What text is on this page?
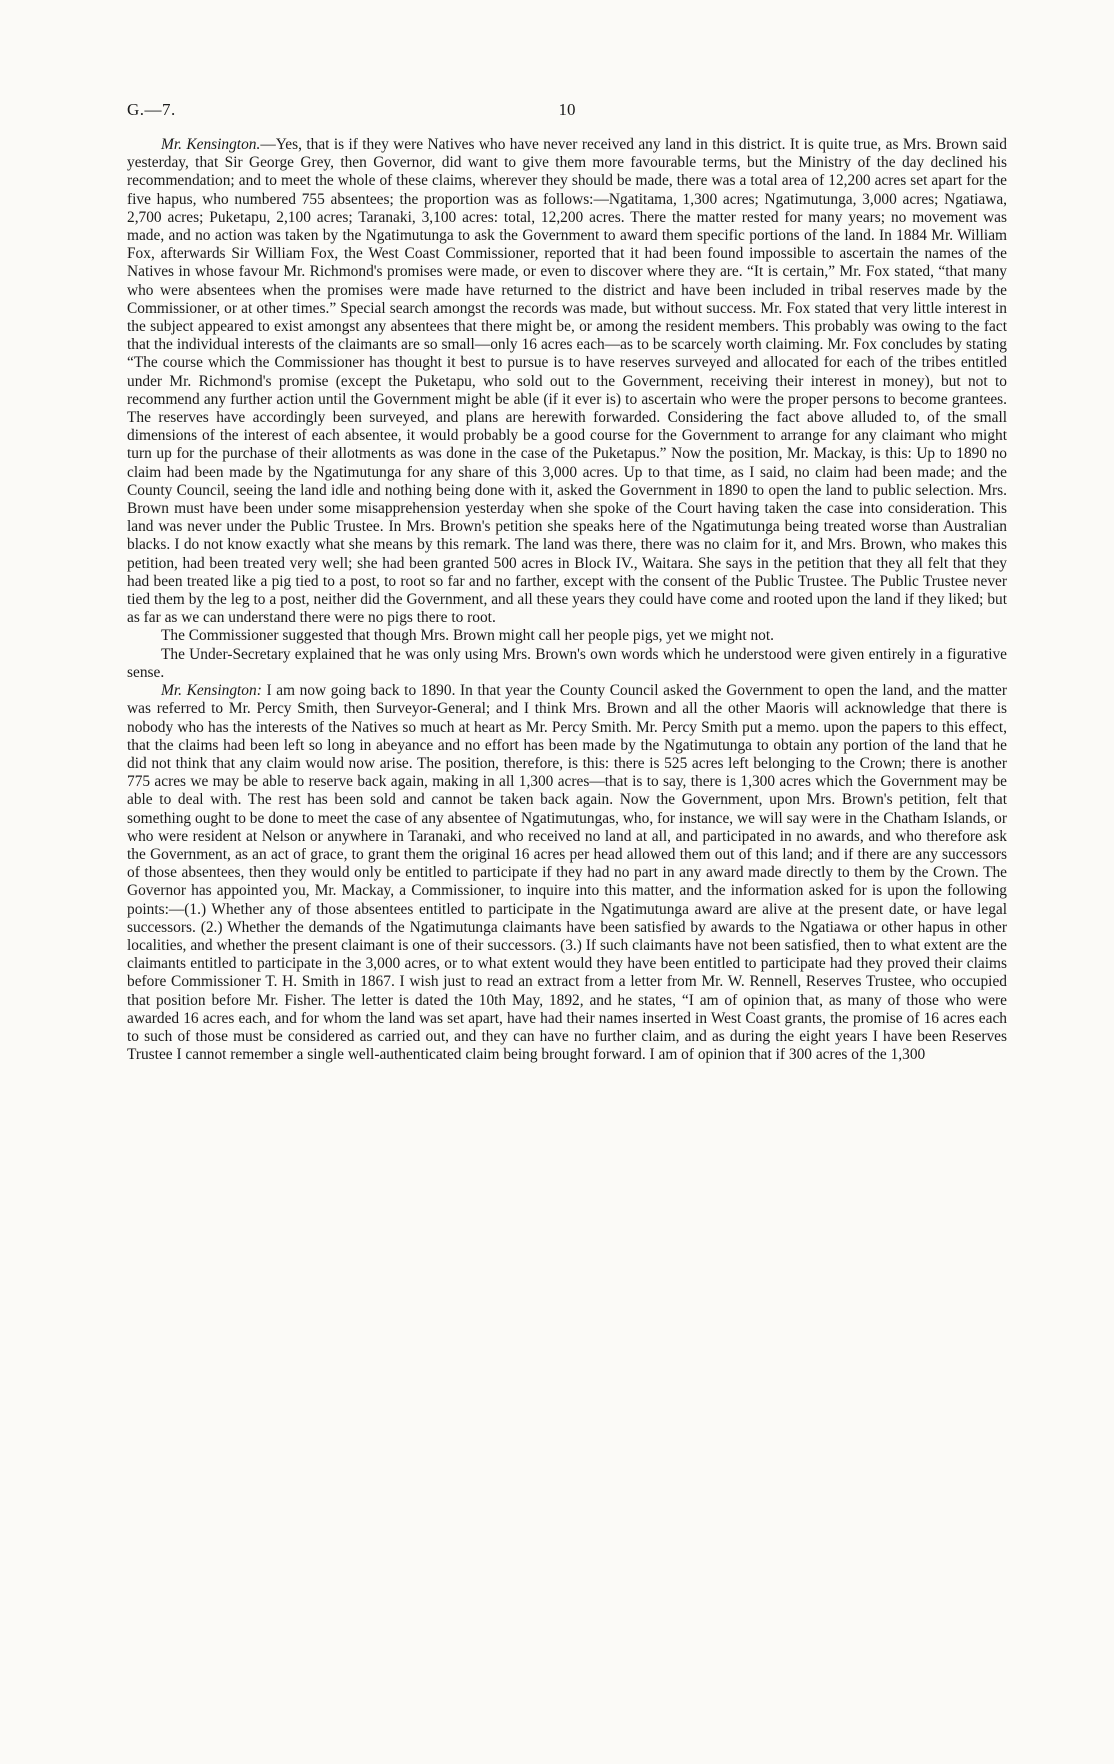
G.—7.	10

Mr. Kensington.—Yes, that is if they were Natives who have never received any land in this district. It is quite true, as Mrs. Brown said yesterday, that Sir George Grey, then Governor, did want to give them more favourable terms, but the Ministry of the day declined his recommendation; and to meet the whole of these claims, wherever they should be made, there was a total area of 12,200 acres set apart for the five hapus, who numbered 755 absentees; the proportion was as follows:—Ngatitama, 1,300 acres; Ngatimutunga, 3,000 acres; Ngatiawa, 2,700 acres; Puketapu, 2,100 acres; Taranaki, 3,100 acres: total, 12,200 acres. There the matter rested for many years; no movement was made, and no action was taken by the Ngatimutunga to ask the Government to award them specific portions of the land. In 1884 Mr. William Fox, afterwards Sir William Fox, the West Coast Commissioner, reported that it had been found impossible to ascertain the names of the Natives in whose favour Mr. Richmond's promises were made, or even to discover where they are. “It is certain,” Mr. Fox stated, “that many who were absentees when the promises were made have returned to the district and have been included in tribal reserves made by the Commissioner, or at other times.” Special search amongst the records was made, but without success. Mr. Fox stated that very little interest in the subject appeared to exist amongst any absentees that there might be, or among the resident members. This probably was owing to the fact that the individual interests of the claimants are so small—only 16 acres each—as to be scarcely worth claiming. Mr. Fox concludes by stating “The course which the Commissioner has thought it best to pursue is to have reserves surveyed and allocated for each of the tribes entitled under Mr. Richmond's promise (except the Puketapu, who sold out to the Government, receiving their interest in money), but not to recommend any further action until the Government might be able (if it ever is) to ascertain who were the proper persons to become grantees. The reserves have accordingly been surveyed, and plans are herewith forwarded. Considering the fact above alluded to, of the small dimensions of the interest of each absentee, it would probably be a good course for the Government to arrange for any claimant who might turn up for the purchase of their allotments as was done in the case of the Puketapus.” Now the position, Mr. Mackay, is this: Up to 1890 no claim had been made by the Ngatimutunga for any share of this 3,000 acres. Up to that time, as I said, no claim had been made; and the County Council, seeing the land idle and nothing being done with it, asked the Government in 1890 to open the land to public selection. Mrs. Brown must have been under some misapprehension yesterday when she spoke of the Court having taken the case into consideration. This land was never under the Public Trustee. In Mrs. Brown's petition she speaks here of the Ngatimutunga being treated worse than Australian blacks. I do not know exactly what she means by this remark. The land was there, there was no claim for it, and Mrs. Brown, who makes this petition, had been treated very well; she had been granted 500 acres in Block IV., Waitara. She says in the petition that they all felt that they had been treated like a pig tied to a post, to root so far and no farther, except with the consent of the Public Trustee. The Public Trustee never tied them by the leg to a post, neither did the Government, and all these years they could have come and rooted upon the land if they liked; but as far as we can understand there were no pigs there to root.

The Commissioner suggested that though Mrs. Brown might call her people pigs, yet we might not.

The Under-Secretary explained that he was only using Mrs. Brown's own words which he understood were given entirely in a figurative sense.

Mr. Kensington: I am now going back to 1890. In that year the County Council asked the Government to open the land, and the matter was referred to Mr. Percy Smith, then Surveyor-General; and I think Mrs. Brown and all the other Maoris will acknowledge that there is nobody who has the interests of the Natives so much at heart as Mr. Percy Smith. Mr. Percy Smith put a memo. upon the papers to this effect, that the claims had been left so long in abeyance and no effort has been made by the Ngatimutunga to obtain any portion of the land that he did not think that any claim would now arise. The position, therefore, is this: there is 525 acres left belonging to the Crown; there is another 775 acres we may be able to reserve back again, making in all 1,300 acres—that is to say, there is 1,300 acres which the Government may be able to deal with. The rest has been sold and cannot be taken back again. Now the Government, upon Mrs. Brown's petition, felt that something ought to be done to meet the case of any absentee of Ngatimutungas, who, for instance, we will say were in the Chatham Islands, or who were resident at Nelson or anywhere in Taranaki, and who received no land at all, and participated in no awards, and who therefore ask the Government, as an act of grace, to grant them the original 16 acres per head allowed them out of this land; and if there are any successors of those absentees, then they would only be entitled to participate if they had no part in any award made directly to them by the Crown. The Governor has appointed you, Mr. Mackay, a Commissioner, to inquire into this matter, and the information asked for is upon the following points:—(1.) Whether any of those absentees entitled to participate in the Ngatimutunga award are alive at the present date, or have legal successors. (2.) Whether the demands of the Ngatimutunga claimants have been satisfied by awards to the Ngatiawa or other hapus in other localities, and whether the present claimant is one of their successors. (3.) If such claimants have not been satisfied, then to what extent are the claimants entitled to participate in the 3,000 acres, or to what extent would they have been entitled to participate had they proved their claims before Commissioner T. H. Smith in 1867. I wish just to read an extract from a letter from Mr. W. Rennell, Reserves Trustee, who occupied that position before Mr. Fisher. The letter is dated the 10th May, 1892, and he states, “I am of opinion that, as many of those who were awarded 16 acres each, and for whom the land was set apart, have had their names inserted in West Coast grants, the promise of 16 acres each to such of those must be considered as carried out, and they can have no further claim, and as during the eight years I have been Reserves Trustee I cannot remember a single well-authenticated claim being brought forward. I am of opinion that if 300 acres of the 1,300
